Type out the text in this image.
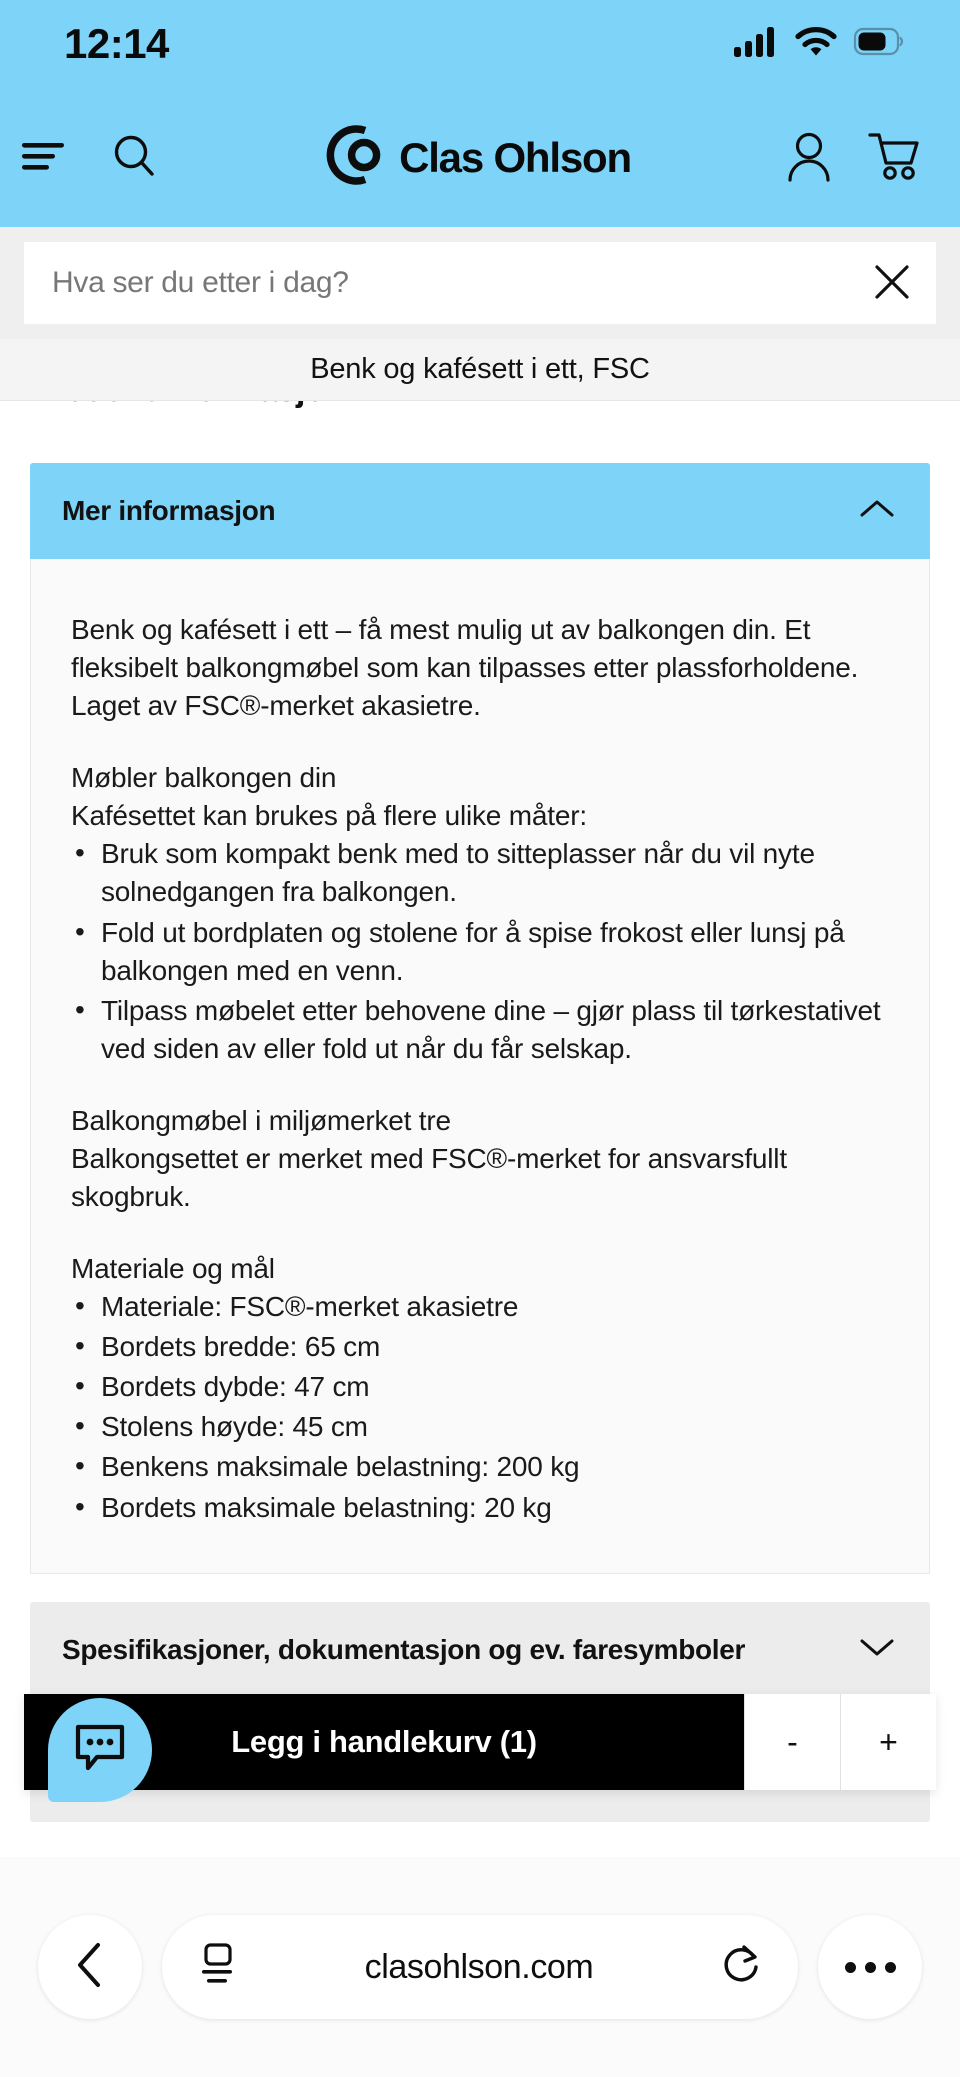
12:14
Clas Ohlson
Hva ser du etter i dag?
Benk og kafésett i ett, FSC
Mer informasjon

Benk og kafésett i ett – få mest mulig ut av balkongen din. Et fleksibelt balkongmøbel som kan tilpasses etter plassforholdene. Laget av FSC®-merket akasietre.

Møbler balkongen din

Kafésettet kan brukes på flere ulike måter:

• Bruk som kompakt benk med to sitteplasser når du vil nyte solnedgangen fra balkongen.
• Fold ut bordplaten og stolene for å spise frokost eller lunsj på balkongen med en venn.
• Tilpass møbelet etter behovene dine – gjør plass til tørkestativet ved siden av eller fold ut når du får selskap.

Balkongmøbel i miljømerket tre

Balkongsettet er merket med FSC®-merket for ansvarsfullt skogbruk.

Materiale og mål

• Materiale: FSC®-merket akasietre
• Bordets bredde: 65 cm
• Bordets dybde: 47 cm
• Stolens høyde: 45 cm
• Benkens maksimale belastning: 200 kg
• Bordets maksimale belastning: 20 kg
Spesifikasjoner, dokumentasjon og ev. faresymboler
Legg i handlekurv (1)	-	+
clasohlson.com
